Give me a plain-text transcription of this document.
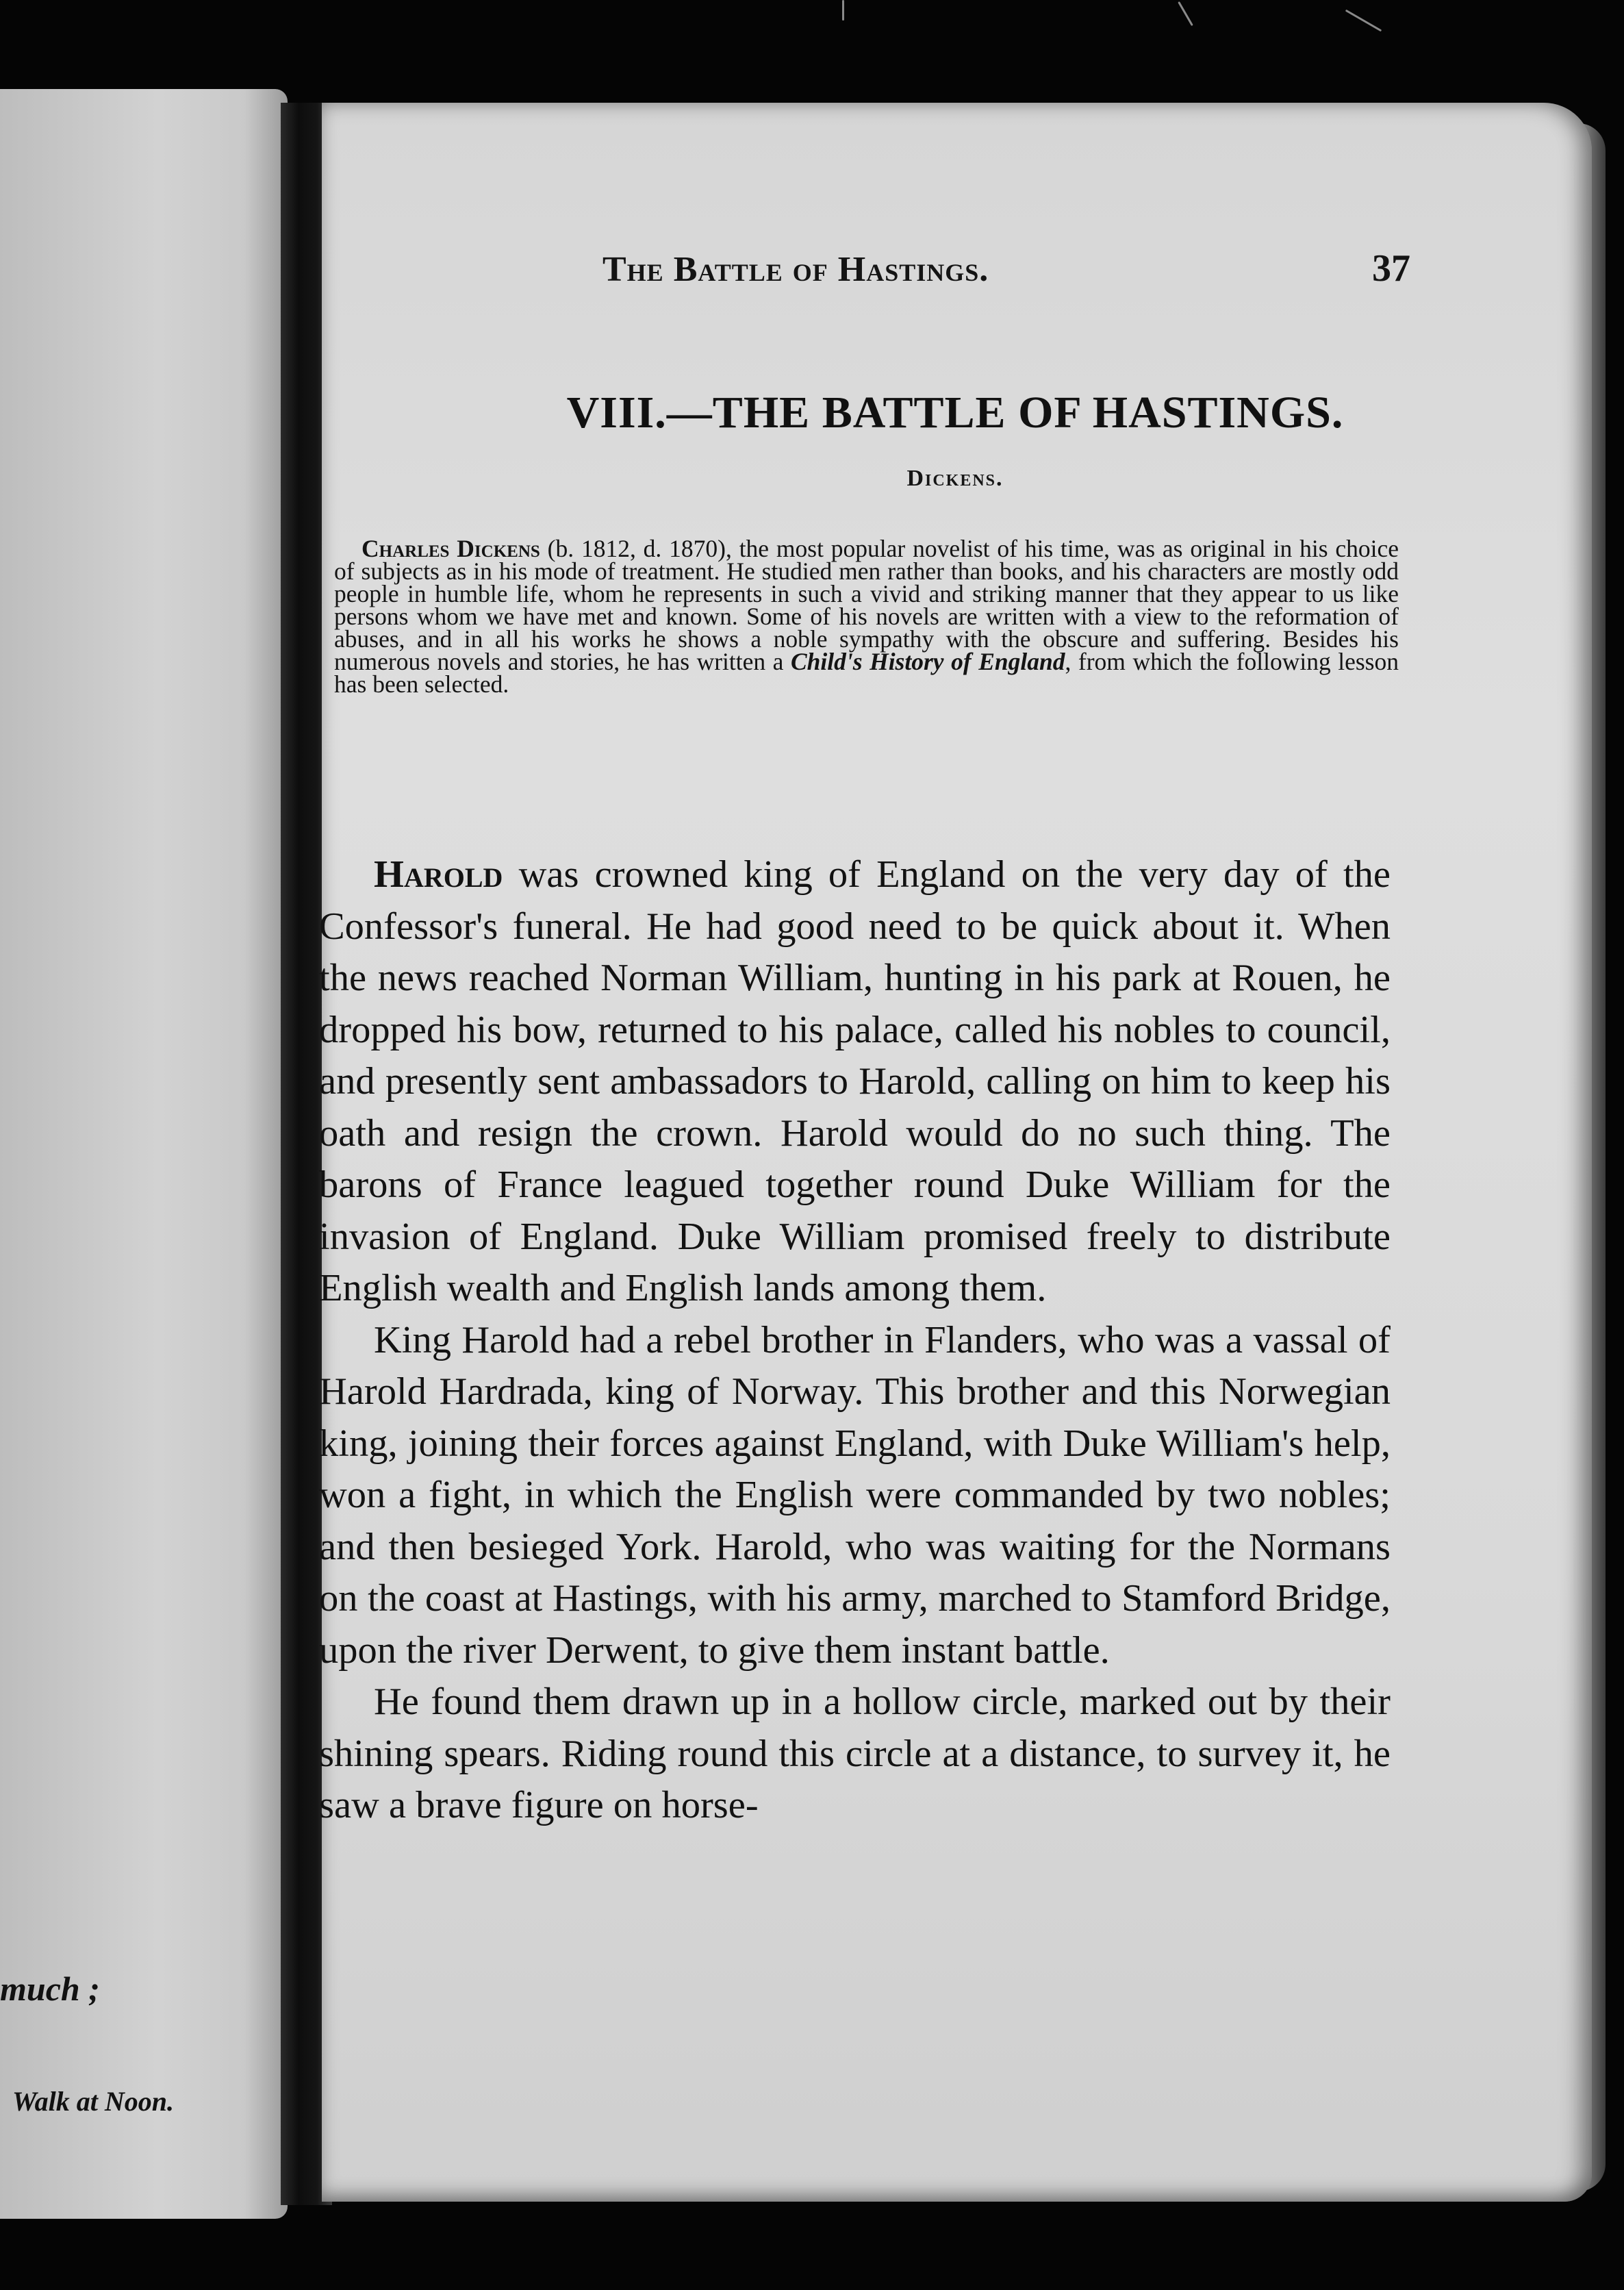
much ;
Walk at Noon.
The Battle of Hastings.	37
VIII.—THE BATTLE OF HASTINGS.
Dickens.
Charles Dickens (b. 1812, d. 1870), the most popular novelist of his time, was as original in his choice of subjects as in his mode of treatment. He studied men rather than books, and his characters are mostly odd people in humble life, whom he represents in such a vivid and striking manner that they appear to us like persons whom we have met and known. Some of his novels are written with a view to the reformation of abuses, and in all his works he shows a noble sympathy with the obscure and suffering. Besides his numerous novels and stories, he has written a Child's History of England, from which the following lesson has been selected.

Harold was crowned king of England on the very day of the Confessor's funeral. He had good need to be quick about it. When the news reached Norman William, hunting in his park at Rouen, he dropped his bow, returned to his palace, called his nobles to council, and presently sent ambassadors to Harold, calling on him to keep his oath and resign the crown. Harold would do no such thing. The barons of France leagued together round Duke William for the invasion of England. Duke William promised freely to distribute English wealth and English lands among them.

King Harold had a rebel brother in Flanders, who was a vassal of Harold Hardrada, king of Norway. This brother and this Norwegian king, joining their forces against England, with Duke William's help, won a fight, in which the English were commanded by two nobles; and then besieged York. Harold, who was waiting for the Normans on the coast at Hastings, with his army, marched to Stamford Bridge, upon the river Derwent, to give them instant battle.

He found them drawn up in a hollow circle, marked out by their shining spears. Riding round this circle at a distance, to survey it, he saw a brave figure on horse-
